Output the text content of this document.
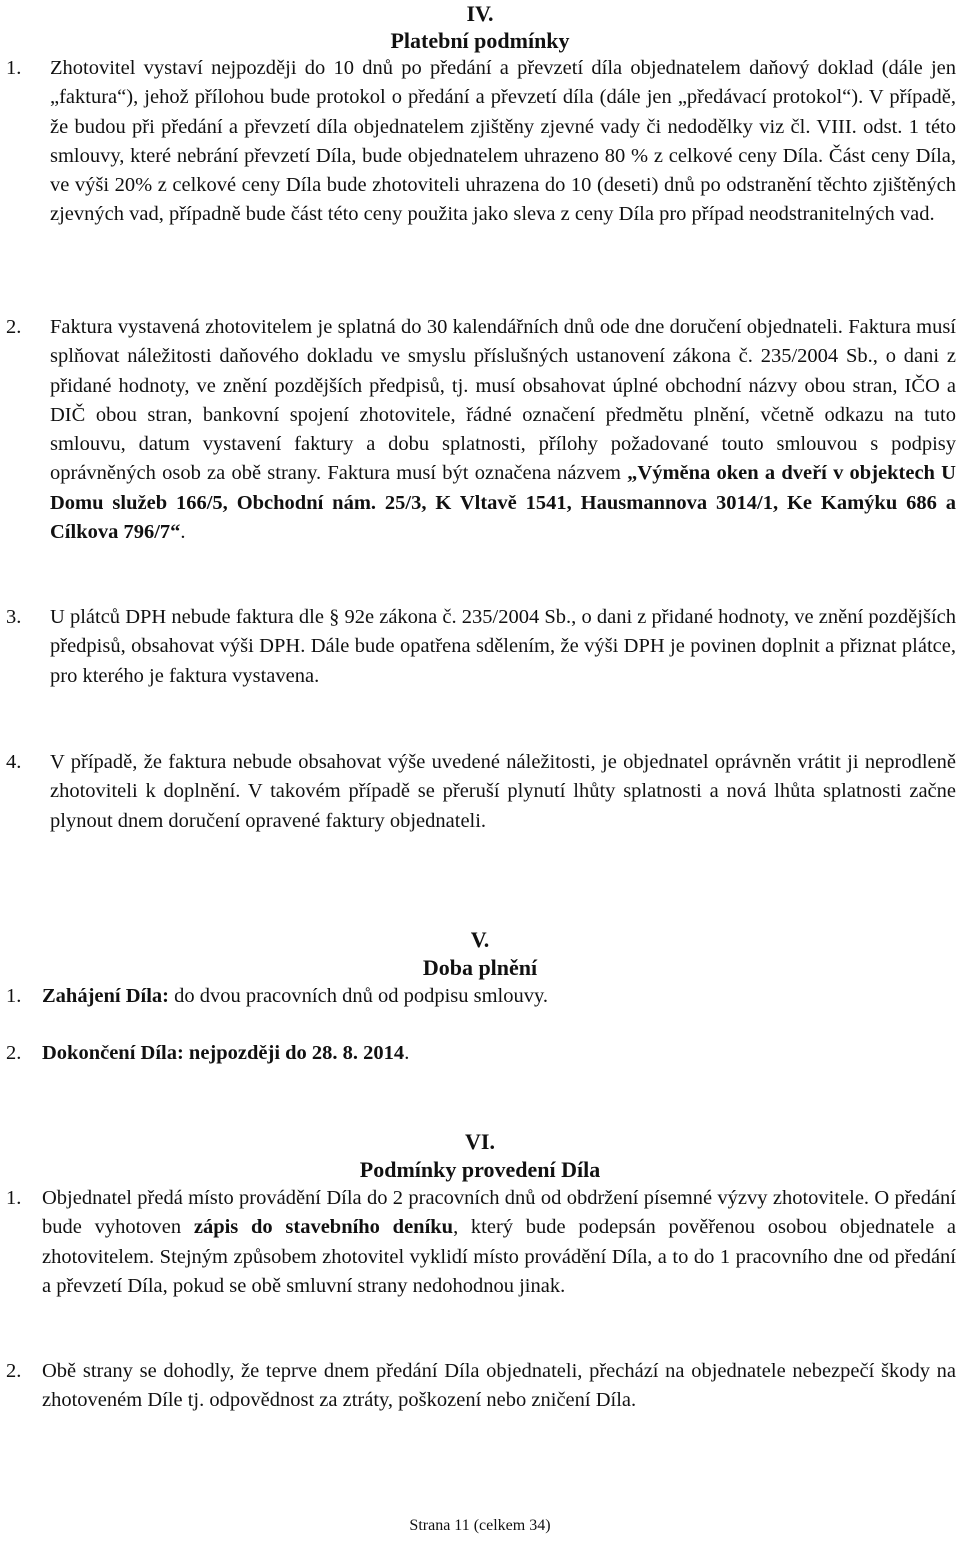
IV.
Platební podmínky
1. Zhotovitel vystaví nejpozději do 10 dnů po předání a převzetí díla objednatelem daňový doklad (dále jen „faktura“), jehož přílohou bude protokol o předání a převzetí díla (dále jen „předávací protokol“). V případě, že budou při předání a převzetí díla objednatelem zjištěny zjevné vady či nedodělky viz čl. VIII. odst. 1 této smlouvy, které nebrání převzetí Díla, bude objednatelem uhrazeno 80 % z celkové ceny Díla. Část ceny Díla, ve výši 20% z celkové ceny Díla bude zhotoviteli uhrazena do 10 (deseti) dnů po odstranění těchto zjištěných zjevných vad, případně bude část této ceny použita jako sleva z ceny Díla pro případ neodstranitelných vad.
2. Faktura vystavená zhotovitelem je splatná do 30 kalendářních dnů ode dne doručení objednateli. Faktura musí splňovat náležitosti daňového dokladu ve smyslu příslušných ustanovení zákona č. 235/2004 Sb., o dani z přidané hodnoty, ve znění pozdějších předpisů, tj. musí obsahovat úplné obchodní názvy obou stran, IČO a DIČ obou stran, bankovní spojení zhotovitele, řádné označení předmětu plnění, včetně odkazu na tuto smlouvu, datum vystavení faktury a dobu splatnosti, přílohy požadované touto smlouvou s podpisy oprávněných osob za obě strany. Faktura musí být označena názvem „Výměna oken a dveří v objektech U Domu služeb 166/5, Obchodní nám. 25/3, K Vltavě 1541, Hausmannova 3014/1, Ke Kamýku 686 a Cílkova 796/7“.
3. U plátců DPH nebude faktura dle § 92e zákona č. 235/2004 Sb., o dani z přidané hodnoty, ve znění pozdějších předpisů, obsahovat výši DPH. Dále bude opatřena sdělením, že výši DPH je povinen doplnit a přiznat plátce, pro kterého je faktura vystavena.
4. V případě, že faktura nebude obsahovat výše uvedené náležitosti, je objednatel oprávněn vrátit ji neprodleně zhotoviteli k doplnění. V takovém případě se přeruší plynutí lhůty splatnosti a nová lhůta splatnosti začne plynout dnem doručení opravené faktury objednateli.
V.
Doba plnění
1. Zahájení Díla: do dvou pracovních dnů od podpisu smlouvy.
2. Dokončení Díla: nejpozději do 28. 8. 2014.
VI.
Podmínky provedení Díla
1. Objednatel předá místo provádění Díla do 2 pracovních dnů od obdržení písemné výzvy zhotovitele. O předání bude vyhotoven zápis do stavebního deníku, který bude podepsán pověřenou osobou objednatele a zhotovitelem. Stejným způsobem zhotovitel vyklidí místo provádění Díla, a to do 1 pracovního dne od předání a převzetí Díla, pokud se obě smluvní strany nedohodnou jinak.
2. Obě strany se dohodly, že teprve dnem předání Díla objednateli, přechází na objednatele nebezpečí škody na zhotoveném Díle tj. odpovědnost za ztráty, poškození nebo zničení Díla.
Strana 11 (celkem 34)
